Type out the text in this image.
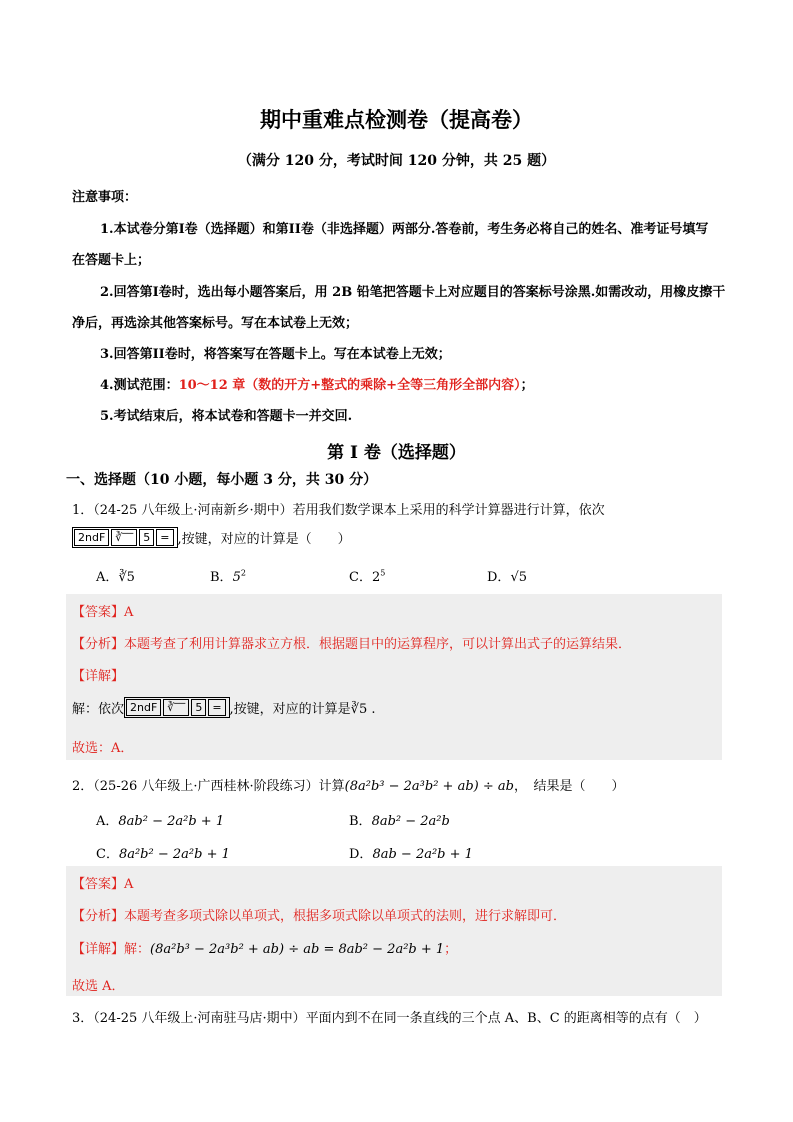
期中重难点检测卷（提高卷）
（满分 120 分，考试时间 120 分钟，共 25 题）
注意事项：
1.本试卷分第I卷（选择题）和第II卷（非选择题）两部分.答卷前，考生务必将自己的姓名、准考证号填写
在答题卡上；
2.回答第I卷时，选出每小题答案后，用 2B 铅笔把答题卡上对应题目的答案标号涂黑.如需改动，用橡皮擦干
净后，再选涂其他答案标号。写在本试卷上无效；
3.回答第II卷时，将答案写在答题卡上。写在本试卷上无效；
4.测试范围：10～12 章（数的开方+整式的乘除+全等三角形全部内容）；
5.考试结束后，将本试卷和答题卡一并交回.
第 I 卷（选择题）
一、选择题（10 小题，每小题 3 分，共 30 分）
1．（24-25 八年级上·河南新乡·期中）若用我们数学课本上采用的科学计算器进行计算，依次
2ndF ∛‾‾ 5 = ,按键，对应的计算是（　　）
A．∛5	B．$5^2$	C．$2^5$	D．√5
【答案】A
【分析】本题考查了利用计算器求立方根．根据题目中的运算程序，可以计算出式子的运算结果．
【详解】
解：依次 2ndF ∛‾‾ 5 = ,按键，对应的计算是∛5 .
故选：A．
2．（25-26 八年级上·广西桂林·阶段练习）计算(8a²b³ − 2a³b² + ab) ÷ ab，　结果是（　　）
A．8ab² − 2a²b + 1	B．8ab² − 2a²b
C．8a²b² − 2a²b + 1	D．8ab − 2a²b + 1
【答案】A
【分析】本题考查多项式除以单项式，根据多项式除以单项式的法则，进行求解即可．
【详解】解：(8a²b³ − 2a³b² + ab) ÷ ab = 8ab² − 2a²b + 1；
故选 A．
3．（24-25 八年级上·河南驻马店·期中）平面内到不在同一条直线的三个点 A、B、C 的距离相等的点有（　）
